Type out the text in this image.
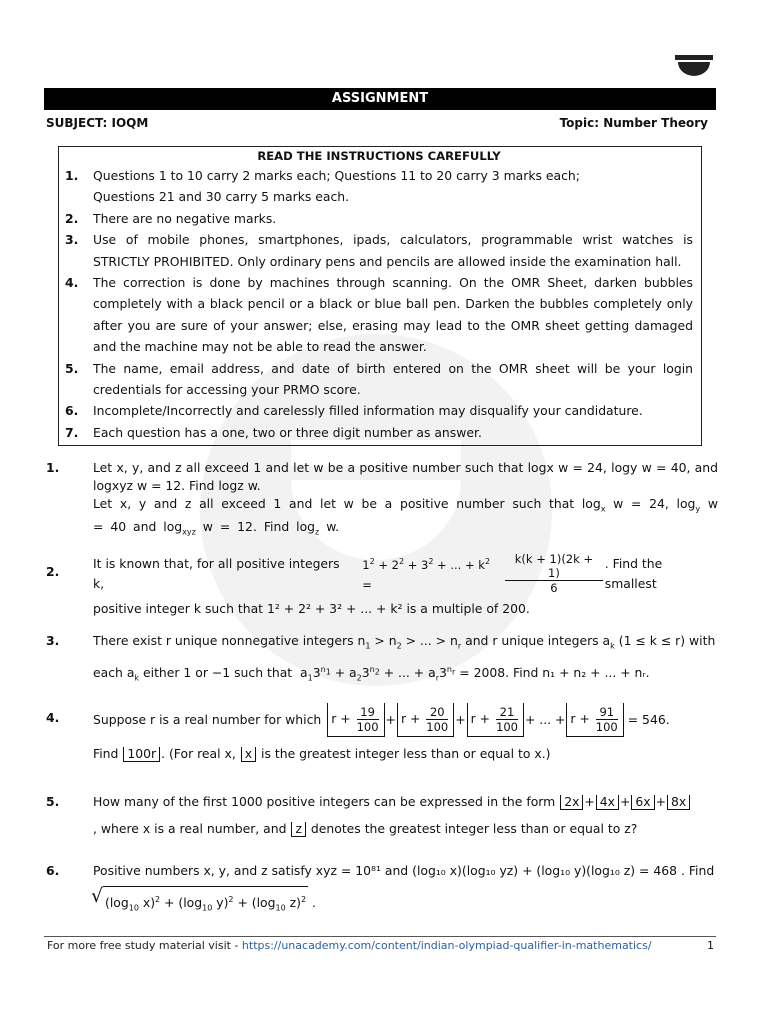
ASSIGNMENT
SUBJECT: IOQM	Topic: Number Theory
READ THE INSTRUCTIONS CAREFULLY
1.	Questions 1 to 10 carry 2 marks each; Questions 11 to 20 carry 3 marks each;
Questions 21 and 30 carry 5 marks each.
2.	There are no negative marks.
3.	Use of mobile phones, smartphones, ipads, calculators, programmable wrist watches is STRICTLY PROHIBITED. Only ordinary pens and pencils are allowed inside the examination hall.
4.	The correction is done by machines through scanning. On the OMR Sheet, darken bubbles completely with a black pencil or a black or blue ball pen. Darken the bubbles completely only after you are sure of your answer; else, erasing may lead to the OMR sheet getting damaged and the machine may not be able to read the answer.
5.	The name, email address, and date of birth entered on the OMR sheet will be your login credentials for accessing your PRMO score.
6.	Incomplete/Incorrectly and carelessly filled information may disqualify your candidature.
7.	Each question has a one, two or three digit number as answer.
1.	Let x, y, and z all exceed 1 and let w be a positive number such that logx w = 24, logy w = 40, and logxyz w = 12. Find logz w.
Let x, y and z all exceed 1 and let w be a positive number such that $\log_x w = 24$, $\log_y w = 40$ and $\log_{xyz} w = 12$. Find $\log_z w$.
2.
It is known that, for all positive integers k,
$1^2 + 2^2 + 3^2$ + ... + $k^2$ =	$\frac{k(k + 1)(2k + 1)}{6}$ . Find the smallest
positive integer k such that 1² + 2² + 3² + ... + k² is a multiple of 200.
3.	There exist r unique nonnegative integers $n_1 > n_2$ > ... > $n_r$ and r unique integers $a_k$ (1 ≤ k ≤ r) with
each $a_k$ either 1 or −1 such that  $a_13^{n_1} + a_23^{n_2}$ + ... + $a_r3^{n_r} = 2008$. Find n₁ + n₂ + ... + nᵣ.
4.	Suppose r is a real number for which $r + \frac{19}{100} + r + \frac{20}{100} + r + \frac{21}{100}$ + ... + $r + \frac{91}{100} = 546$.
Find 100r . (For real x, x is the greatest integer less than or equal to x.)
5.	How many of the first 1000 positive integers can be expressed in the form 2x + 4x + 6x + 8x
, where x is a real number, and z denotes the greatest integer less than or equal to z?
6.	Positive numbers x, y, and z satisfy xyz = 10⁸¹ and (log₁₀ x)(log₁₀ yz) + (log₁₀ y)(log₁₀ z) = 468 . Find
√ ($\log_{10}$ $x)^2 + (\log_{10}$ $y)^2 + (\log_{10}$ z)$^2$ .
For more free study material visit - https://unacademy.com/content/indian-olympiad-qualifier-in-mathematics/	1
